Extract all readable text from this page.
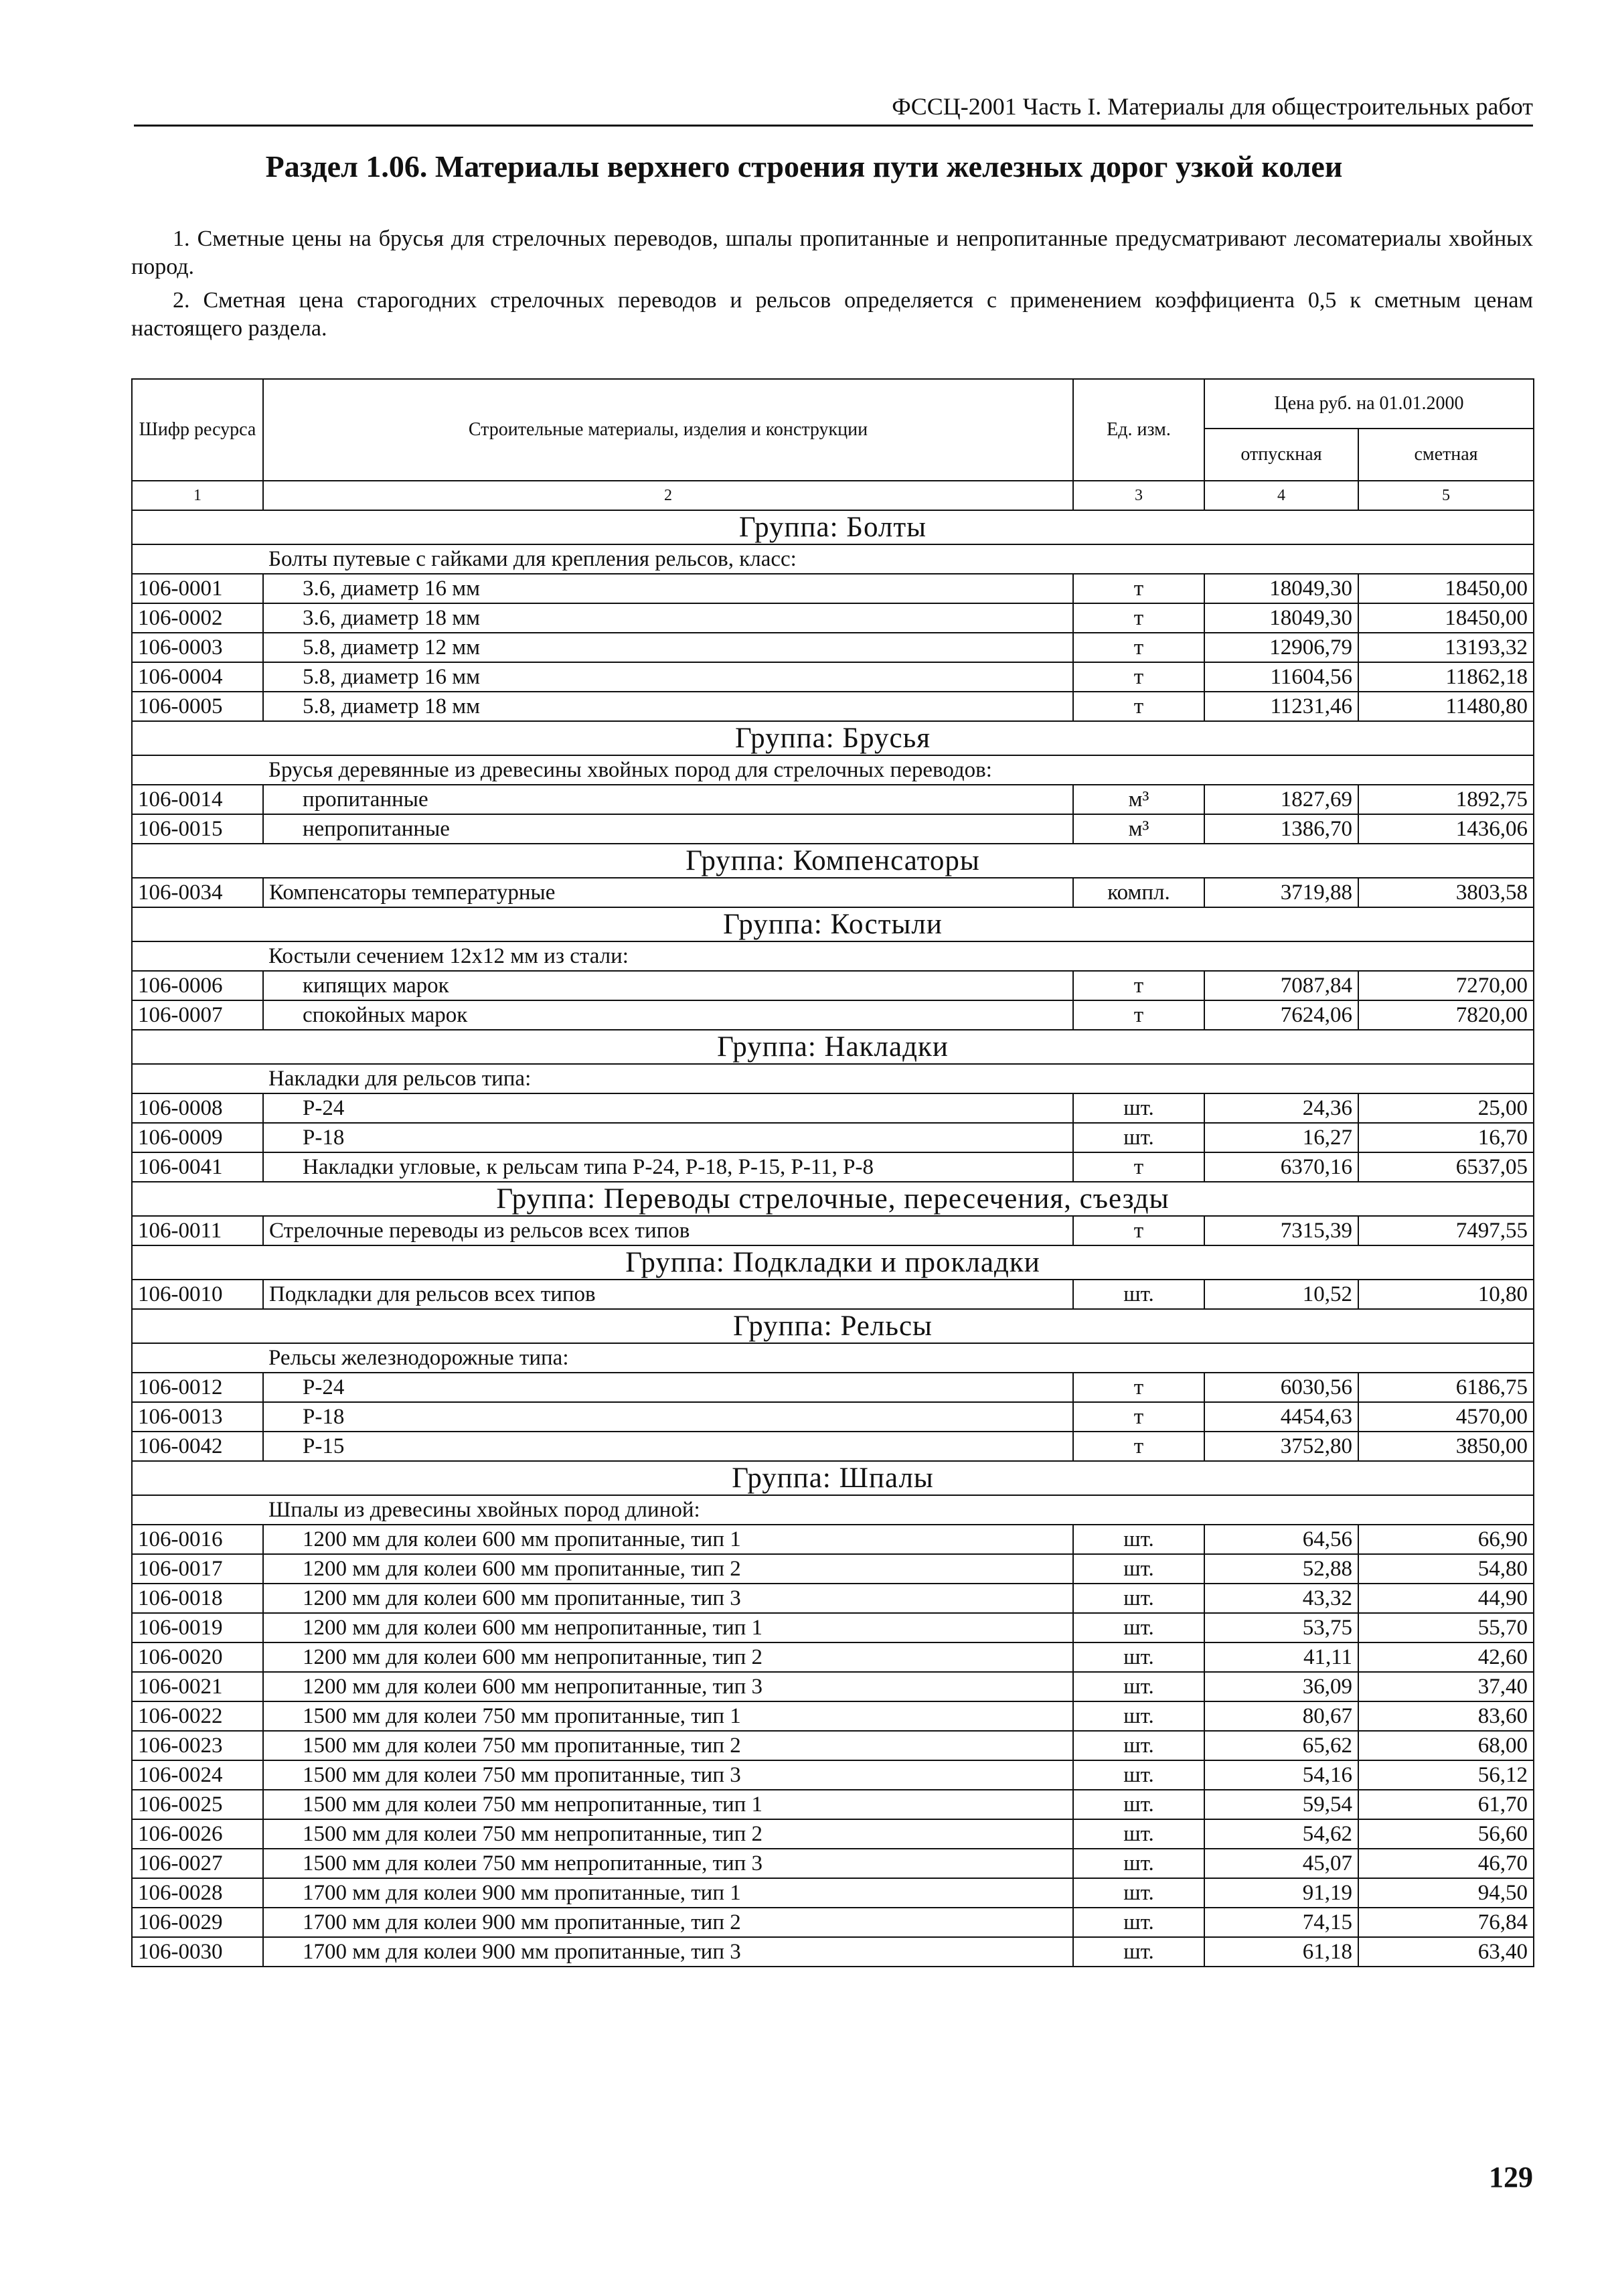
ФССЦ-2001 Часть I. Материалы для общестроительных работ
Раздел 1.06. Материалы верхнего строения пути железных дорог узкой колеи
1. Сметные цены на брусья для стрелочных переводов, шпалы пропитанные и непропитанные предусматривают лесоматериалы хвойных пород.
2. Сметная цена старогодних стрелочных переводов и рельсов определяется с применением коэффициента 0,5 к сметным ценам настоящего раздела.
Шифр ресурса	Строительные материалы, изделия и конструкции	Ед. изм.	Цена руб. на 01.01.2000	
			отпускная	сметная
1	2	3	4	5
Группа: Болты				
	Болты путевые с гайками для крепления рельсов, класс:			
106-0001	3.6, диаметр 16 мм	т	18049,30	18450,00
106-0002	3.6, диаметр 18 мм	т	18049,30	18450,00
106-0003	5.8, диаметр 12 мм	т	12906,79	13193,32
106-0004	5.8, диаметр 16 мм	т	11604,56	11862,18
106-0005	5.8, диаметр 18 мм	т	11231,46	11480,80
Группа: Брусья				
	Брусья деревянные из древесины хвойных пород для стрелочных переводов:			
106-0014	пропитанные	м³	1827,69	1892,75
106-0015	непропитанные	м³	1386,70	1436,06
Группа: Компенсаторы				
106-0034	Компенсаторы температурные	компл.	3719,88	3803,58
Группа: Костыли				
	Костыли сечением 12х12 мм из стали:			
106-0006	кипящих марок	т	7087,84	7270,00
106-0007	спокойных марок	т	7624,06	7820,00
Группа: Накладки				
	Накладки для рельсов типа:			
106-0008	Р-24	шт.	24,36	25,00
106-0009	Р-18	шт.	16,27	16,70
106-0041	Накладки угловые, к рельсам типа Р-24, Р-18, Р-15, Р-11, Р-8	т	6370,16	6537,05
Группа: Переводы стрелочные, пересечения, съезды				
106-0011	Стрелочные переводы из рельсов всех типов	т	7315,39	7497,55
Группа: Подкладки и прокладки				
106-0010	Подкладки для рельсов всех типов	шт.	10,52	10,80
Группа: Рельсы				
	Рельсы железнодорожные типа:			
106-0012	Р-24	т	6030,56	6186,75
106-0013	Р-18	т	4454,63	4570,00
106-0042	Р-15	т	3752,80	3850,00
Группа: Шпалы				
	Шпалы из древесины хвойных пород длиной:			
106-0016	1200 мм для колеи 600 мм пропитанные, тип 1	шт.	64,56	66,90
106-0017	1200 мм для колеи 600 мм пропитанные, тип 2	шт.	52,88	54,80
106-0018	1200 мм для колеи 600 мм пропитанные, тип 3	шт.	43,32	44,90
106-0019	1200 мм для колеи 600 мм непропитанные, тип 1	шт.	53,75	55,70
106-0020	1200 мм для колеи 600 мм непропитанные, тип 2	шт.	41,11	42,60
106-0021	1200 мм для колеи 600 мм непропитанные, тип 3	шт.	36,09	37,40
106-0022	1500 мм для колеи 750 мм пропитанные, тип 1	шт.	80,67	83,60
106-0023	1500 мм для колеи 750 мм пропитанные, тип 2	шт.	65,62	68,00
106-0024	1500 мм для колеи 750 мм пропитанные, тип 3	шт.	54,16	56,12
106-0025	1500 мм для колеи 750 мм непропитанные, тип 1	шт.	59,54	61,70
106-0026	1500 мм для колеи 750 мм непропитанные, тип 2	шт.	54,62	56,60
106-0027	1500 мм для колеи 750 мм непропитанные, тип 3	шт.	45,07	46,70
106-0028	1700 мм для колеи 900 мм пропитанные, тип 1	шт.	91,19	94,50
106-0029	1700 мм для колеи 900 мм пропитанные, тип 2	шт.	74,15	76,84
106-0030	1700 мм для колеи 900 мм пропитанные, тип 3	шт.	61,18	63,40
129
